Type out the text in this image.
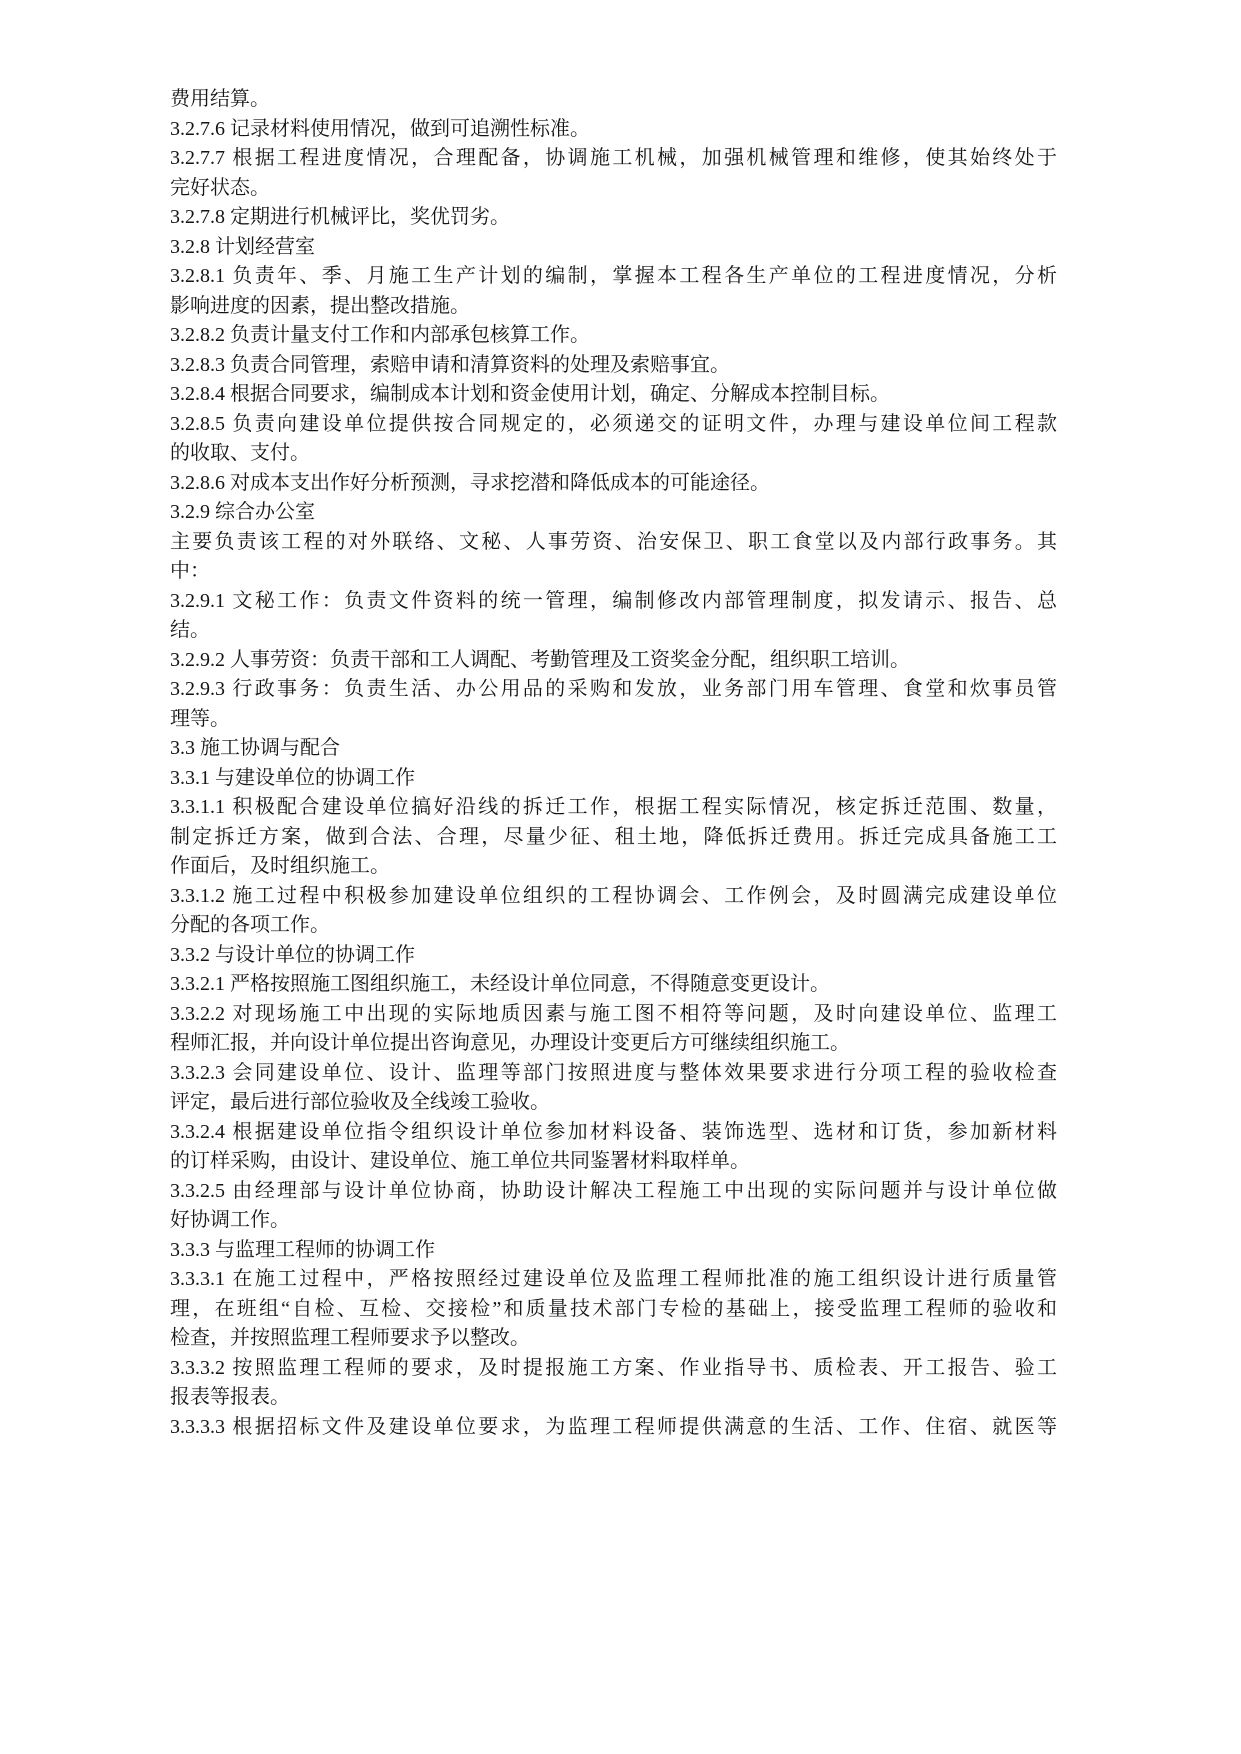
费用结算。
3.2.7.6 记录材料使用情况，做到可追溯性标准。
3.2.7.7 根据工程进度情况，合理配备，协调施工机械，加强机械管理和维修，使其始终处于
完好状态。
3.2.7.8 定期进行机械评比，奖优罚劣。
3.2.8 计划经营室
3.2.8.1 负责年、季、月施工生产计划的编制，掌握本工程各生产单位的工程进度情况，分析
影响进度的因素，提出整改措施。
3.2.8.2 负责计量支付工作和内部承包核算工作。
3.2.8.3 负责合同管理，索赔申请和清算资料的处理及索赔事宜。
3.2.8.4 根据合同要求，编制成本计划和资金使用计划，确定、分解成本控制目标。
3.2.8.5 负责向建设单位提供按合同规定的，必须递交的证明文件，办理与建设单位间工程款
的收取、支付。
3.2.8.6 对成本支出作好分析预测，寻求挖潜和降低成本的可能途径。
3.2.9 综合办公室
主要负责该工程的对外联络、文秘、人事劳资、治安保卫、职工食堂以及内部行政事务。其
中：
3.2.9.1 文秘工作：负责文件资料的统一管理，编制修改内部管理制度，拟发请示、报告、总
结。
3.2.9.2 人事劳资：负责干部和工人调配、考勤管理及工资奖金分配，组织职工培训。
3.2.9.3 行政事务：负责生活、办公用品的采购和发放，业务部门用车管理、食堂和炊事员管
理等。
3.3 施工协调与配合
3.3.1 与建设单位的协调工作
3.3.1.1 积极配合建设单位搞好沿线的拆迁工作，根据工程实际情况，核定拆迁范围、数量，
制定拆迁方案，做到合法、合理，尽量少征、租土地，降低拆迁费用。拆迁完成具备施工工
作面后，及时组织施工。
3.3.1.2 施工过程中积极参加建设单位组织的工程协调会、工作例会，及时圆满完成建设单位
分配的各项工作。
3.3.2 与设计单位的协调工作
3.3.2.1 严格按照施工图组织施工，未经设计单位同意，不得随意变更设计。
3.3.2.2 对现场施工中出现的实际地质因素与施工图不相符等问题，及时向建设单位、监理工
程师汇报，并向设计单位提出咨询意见，办理设计变更后方可继续组织施工。
3.3.2.3 会同建设单位、设计、监理等部门按照进度与整体效果要求进行分项工程的验收检查
评定，最后进行部位验收及全线竣工验收。
3.3.2.4 根据建设单位指令组织设计单位参加材料设备、装饰选型、选材和订货，参加新材料
的订样采购，由设计、建设单位、施工单位共同鉴署材料取样单。
3.3.2.5 由经理部与设计单位协商，协助设计解决工程施工中出现的实际问题并与设计单位做
好协调工作。
3.3.3 与监理工程师的协调工作
3.3.3.1 在施工过程中，严格按照经过建设单位及监理工程师批准的施工组织设计进行质量管
理，在班组“自检、互检、交接检”和质量技术部门专检的基础上，接受监理工程师的验收和
检查，并按照监理工程师要求予以整改。
3.3.3.2 按照监理工程师的要求，及时提报施工方案、作业指导书、质检表、开工报告、验工
报表等报表。
3.3.3.3 根据招标文件及建设单位要求，为监理工程师提供满意的生活、工作、住宿、就医等
